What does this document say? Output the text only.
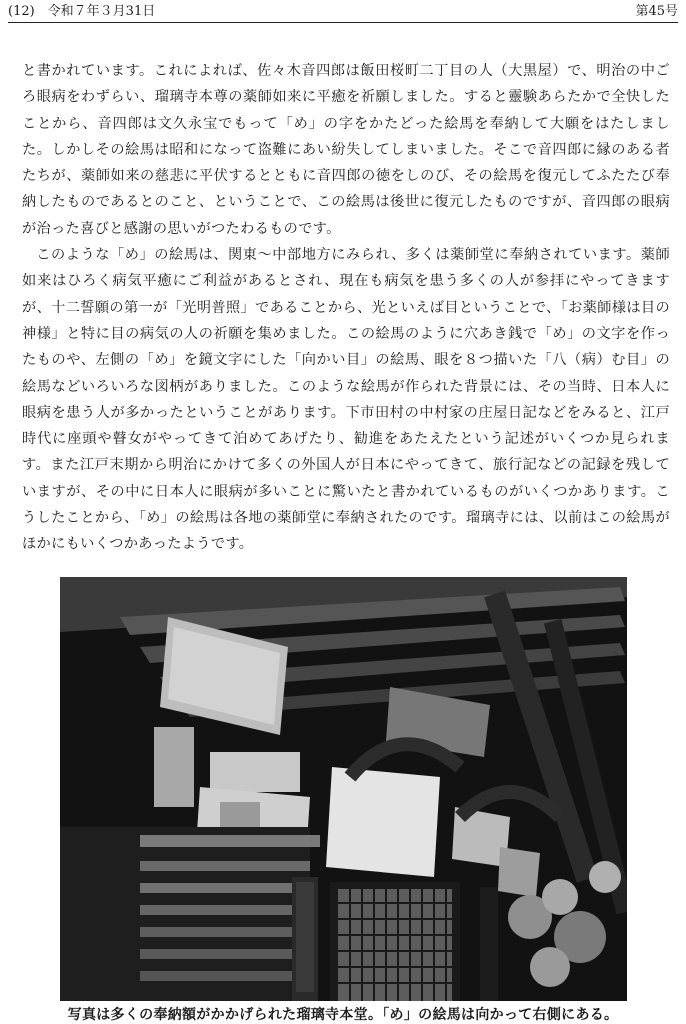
(12)　令和７年３月31日	第45号

と書かれています。これによれば、佐々木音四郎は飯田桜町二丁目の人（大黒屋）で、明治の中ごろ眼病をわずらい、瑠璃寺本尊の薬師如来に平癒を祈願しました。すると靈験あらたかで全快したことから、音四郎は文久永宝でもって「め」の字をかたどった絵馬を奉納して大願をはたしました。しかしその絵馬は昭和になって盗難にあい紛失してしまいました。そこで音四郎に縁のある者たちが、薬師如来の慈悲に平伏するとともに音四郎の徳をしのび、その絵馬を復元してふたたび奉納したものであるとのこと、ということで、この絵馬は後世に復元したものですが、音四郎の眼病が治った喜びと感謝の思いがつたわるものです。

このような「め」の絵馬は、関東〜中部地方にみられ、多くは薬師堂に奉納されています。薬師如来はひろく病気平癒にご利益があるとされ、現在も病気を患う多くの人が参拝にやってきますが、十二誓願の第一が「光明普照」であることから、光といえば目ということで、「お薬師様は目の神様」と特に目の病気の人の祈願を集めました。この絵馬のように穴あき銭で「め」の文字を作ったものや、左側の「め」を鏡文字にした「向かい目」の絵馬、眼を８つ描いた「八（病）む目」の絵馬などいろいろな図柄がありました。このような絵馬が作られた背景には、その当時、日本人に眼病を患う人が多かったということがあります。下市田村の中村家の庄屋日記などをみると、江戸時代に座頭や瞽女がやってきて泊めてあげたり、勧進をあたえたという記述がいくつか見られます。また江戸末期から明治にかけて多くの外国人が日本にやってきて、旅行記などの記録を残していますが、その中に日本人に眼病が多いことに驚いたと書かれているものがいくつかあります。こうしたことから、「め」の絵馬は各地の薬師堂に奉納されたのです。瑠璃寺には、以前はこの絵馬がほかにもいくつかあったようです。

写真は多くの奉納額がかかげられた瑠璃寺本堂。「め」の絵馬は向かって右側にある。
